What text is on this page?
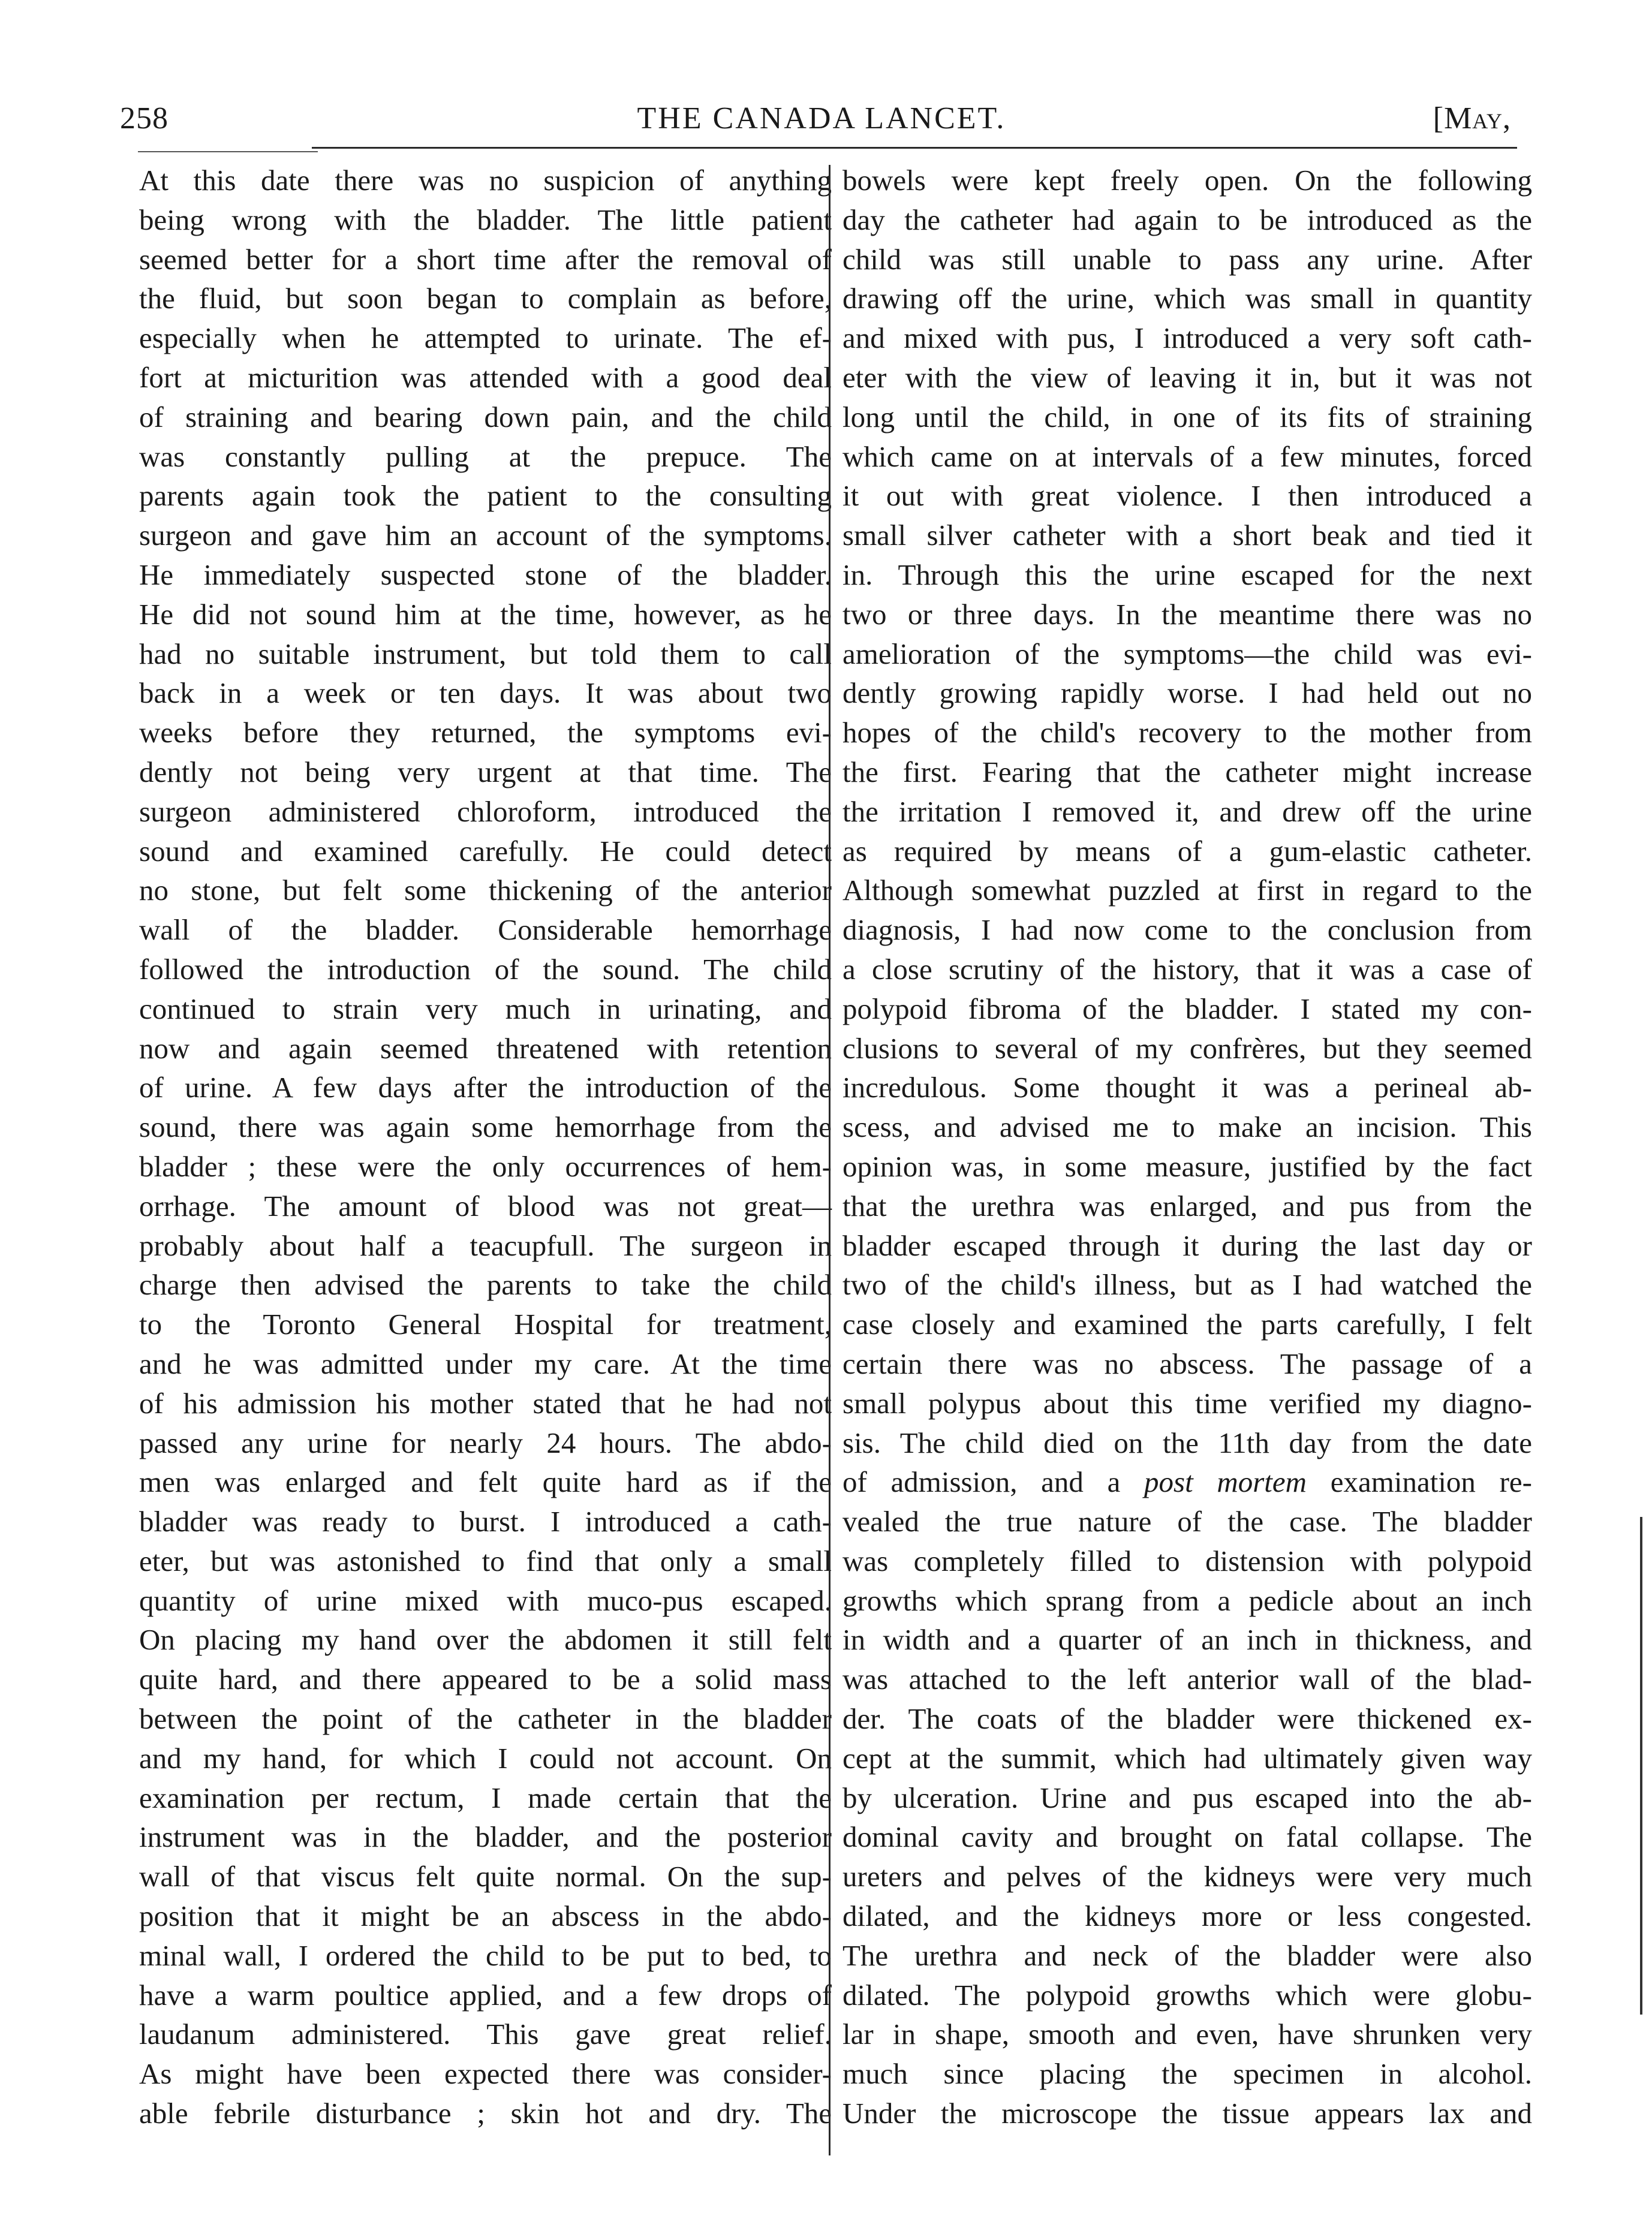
258	THE CANADA LANCET.	[May,
At this date there was no suspicion of anything
being wrong with the bladder. The little patient
seemed better for a short time after the removal of
the fluid, but soon began to complain as before,
especially when he attempted to urinate. The ef-
fort at micturition was attended with a good deal
of straining and bearing down pain, and the child
was constantly pulling at the prepuce. The
parents again took the patient to the consulting
surgeon and gave him an account of the symptoms.
He immediately suspected stone of the bladder.
He did not sound him at the time, however, as he
had no suitable instrument, but told them to call
back in a week or ten days. It was about two
weeks before they returned, the symptoms evi-
dently not being very urgent at that time. The
surgeon administered chloroform, introduced the
sound and examined carefully. He could detect
no stone, but felt some thickening of the anterior
wall of the bladder. Considerable hemorrhage
followed the introduction of the sound. The child
continued to strain very much in urinating, and
now and again seemed threatened with retention
of urine. A few days after the introduction of the
sound, there was again some hemorrhage from the
bladder ; these were the only occurrences of hem-
orrhage. The amount of blood was not great—
probably about half a teacupfull. The surgeon in
charge then advised the parents to take the child
to the Toronto General Hospital for treatment,
and he was admitted under my care. At the time
of his admission his mother stated that he had not
passed any urine for nearly 24 hours. The abdo-
men was enlarged and felt quite hard as if the
bladder was ready to burst. I introduced a cath-
eter, but was astonished to find that only a small
quantity of urine mixed with muco-pus escaped.
On placing my hand over the abdomen it still felt
quite hard, and there appeared to be a solid mass
between the point of the catheter in the bladder
and my hand, for which I could not account. On
examination per rectum, I made certain that the
instrument was in the bladder, and the posterior
wall of that viscus felt quite normal. On the sup-
position that it might be an abscess in the abdo-
minal wall, I ordered the child to be put to bed, to
have a warm poultice applied, and a few drops of
laudanum administered. This gave great relief.
As might have been expected there was consider-
able febrile disturbance ; skin hot and dry. The
bowels were kept freely open. On the following
day the catheter had again to be introduced as the
child was still unable to pass any urine. After
drawing off the urine, which was small in quantity
and mixed with pus, I introduced a very soft cath-
eter with the view of leaving it in, but it was not
long until the child, in one of its fits of straining
which came on at intervals of a few minutes, forced
it out with great violence. I then introduced a
small silver catheter with a short beak and tied it
in. Through this the urine escaped for the next
two or three days. In the meantime there was no
amelioration of the symptoms—the child was evi-
dently growing rapidly worse. I had held out no
hopes of the child's recovery to the mother from
the first. Fearing that the catheter might increase
the irritation I removed it, and drew off the urine
as required by means of a gum-elastic catheter.
Although somewhat puzzled at first in regard to the
diagnosis, I had now come to the conclusion from
a close scrutiny of the history, that it was a case of
polypoid fibroma of the bladder. I stated my con-
clusions to several of my confrères, but they seemed
incredulous. Some thought it was a perineal ab-
scess, and advised me to make an incision. This
opinion was, in some measure, justified by the fact
that the urethra was enlarged, and pus from the
bladder escaped through it during the last day or
two of the child's illness, but as I had watched the
case closely and examined the parts carefully, I felt
certain there was no abscess. The passage of a
small polypus about this time verified my diagno-
sis. The child died on the 11th day from the date
of admission, and a post mortem examination re-
vealed the true nature of the case. The bladder
was completely filled to distension with polypoid
growths which sprang from a pedicle about an inch
in width and a quarter of an inch in thickness, and
was attached to the left anterior wall of the blad-
der. The coats of the bladder were thickened ex-
cept at the summit, which had ultimately given way
by ulceration. Urine and pus escaped into the ab-
dominal cavity and brought on fatal collapse. The
ureters and pelves of the kidneys were very much
dilated, and the kidneys more or less congested.
The urethra and neck of the bladder were also
dilated. The polypoid growths which were globu-
lar in shape, smooth and even, have shrunken very
much since placing the specimen in alcohol.
Under the microscope the tissue appears lax and
